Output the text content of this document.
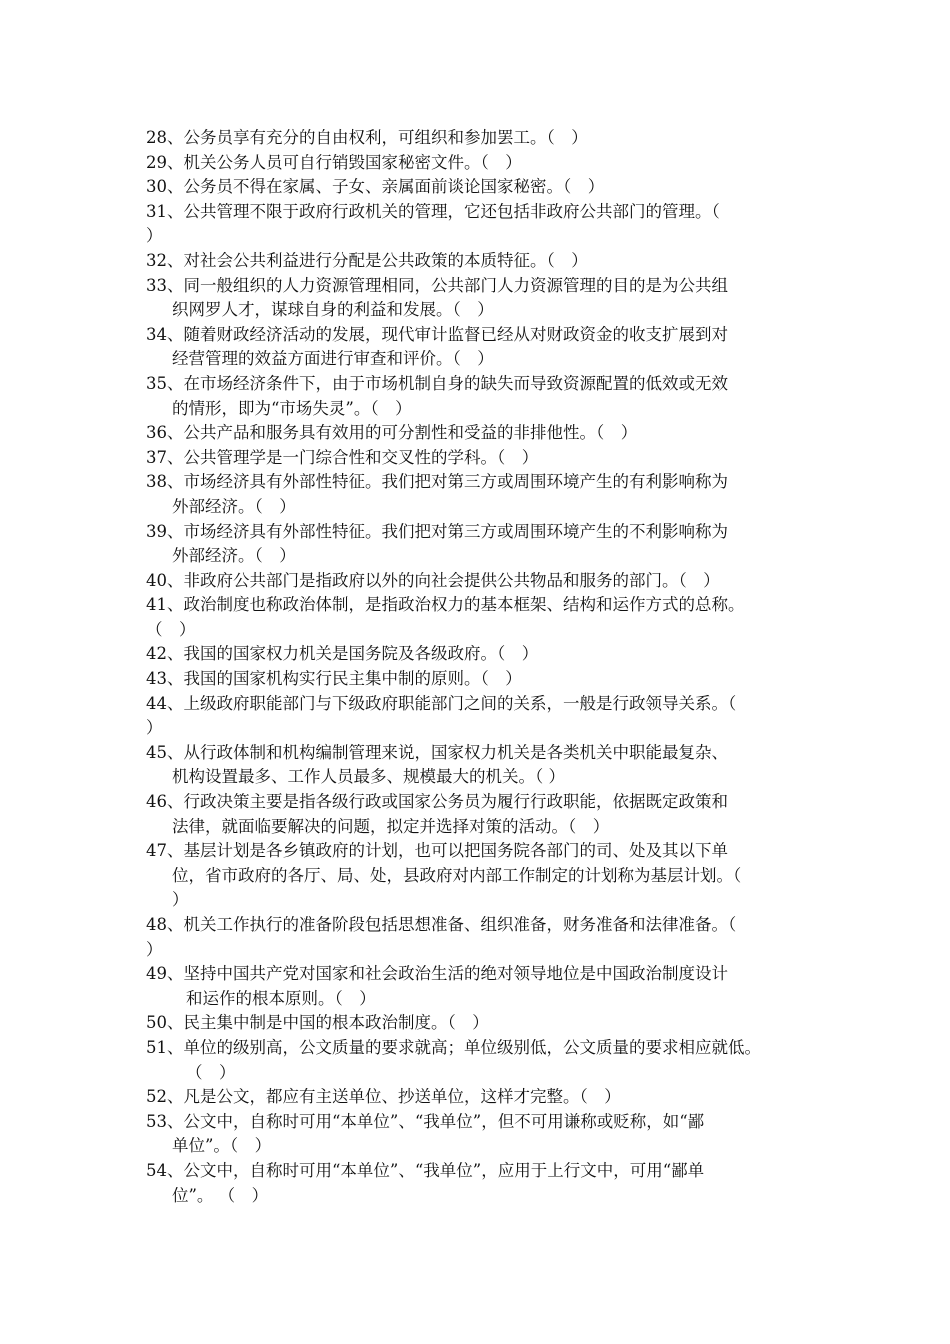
28、公务员享有充分的自由权利，可组织和参加罢工。（　）
29、机关公务人员可自行销毁国家秘密文件。（　）
30、公务员不得在家属、子女、亲属面前谈论国家秘密。（　）
31、公共管理不限于政府行政机关的管理，它还包括非政府公共部门的管理。（
）
32、对社会公共利益进行分配是公共政策的本质特征。（　）
33、同一般组织的人力资源管理相同，公共部门人力资源管理的目的是为公共组
织网罗人才，谋球自身的利益和发展。（　）
34、随着财政经济活动的发展，现代审计监督已经从对财政资金的收支扩展到对
经营管理的效益方面进行审查和评价。（　）
35、在市场经济条件下，由于市场机制自身的缺失而导致资源配置的低效或无效
的情形，即为“市场失灵”。（　）
36、公共产品和服务具有效用的可分割性和受益的非排他性。（　）
37、公共管理学是一门综合性和交叉性的学科。（　）
38、市场经济具有外部性特征。我们把对第三方或周围环境产生的有利影响称为
外部经济。（　）
39、市场经济具有外部性特征。我们把对第三方或周围环境产生的不利影响称为
外部经济。（　）
40、非政府公共部门是指政府以外的向社会提供公共物品和服务的部门。（　）
41、政治制度也称政治体制，是指政治权力的基本框架、结构和运作方式的总称。
（　）
42、我国的国家权力机关是国务院及各级政府。（　）
43、我国的国家机构实行民主集中制的原则。（　）
44、上级政府职能部门与下级政府职能部门之间的关系，一般是行政领导关系。（
）
45、从行政体制和机构编制管理来说，国家权力机关是各类机关中职能最复杂、
机构设置最多、工作人员最多、规模最大的机关。（ ）
46、行政决策主要是指各级行政或国家公务员为履行行政职能，依据既定政策和
法律，就面临要解决的问题，拟定并选择对策的活动。（　）
47、基层计划是各乡镇政府的计划，也可以把国务院各部门的司、处及其以下单
位，省市政府的各厅、局、处，县政府对内部工作制定的计划称为基层计划。（
）
48、机关工作执行的准备阶段包括思想准备、组织准备，财务准备和法律准备。（
）
49、坚持中国共产党对国家和社会政治生活的绝对领导地位是中国政治制度设计
和运作的根本原则。（　）
50、民主集中制是中国的根本政治制度。（　）
51、单位的级别高，公文质量的要求就高；单位级别低，公文质量的要求相应就低。
（　）
52、凡是公文，都应有主送单位、抄送单位，这样才完整。（　）
53、公文中，自称时可用“本单位”、“我单位”，但不可用谦称或贬称，如“鄙
单位”。（　）
54、公文中，自称时可用“本单位”、“我单位”，应用于上行文中，可用“鄙单
位”。 （　）
